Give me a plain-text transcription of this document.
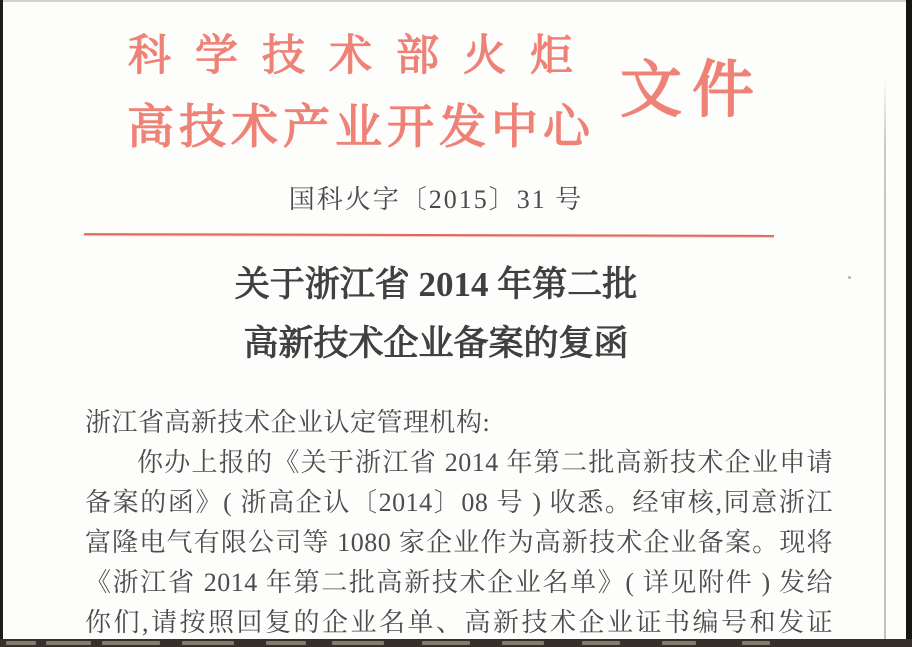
科学技术部火炬
高技术产业开发中心
文件
国科火字〔2015〕31 号
关于浙江省 2014 年第二批
高新技术企业备案的复函
浙江省高新技术企业认定管理机构:
你办上报的《关于浙江省 2014 年第二批高新技术企业申请
备案的函》( 浙高企认〔2014〕08 号 ) 收悉。经审核,同意浙江
富隆电气有限公司等 1080 家企业作为高新技术企业备案。现将
《浙江省 2014 年第二批高新技术企业名单》( 详见附件 ) 发给
你们,请按照回复的企业名单、高新技术企业证书编号和发证
